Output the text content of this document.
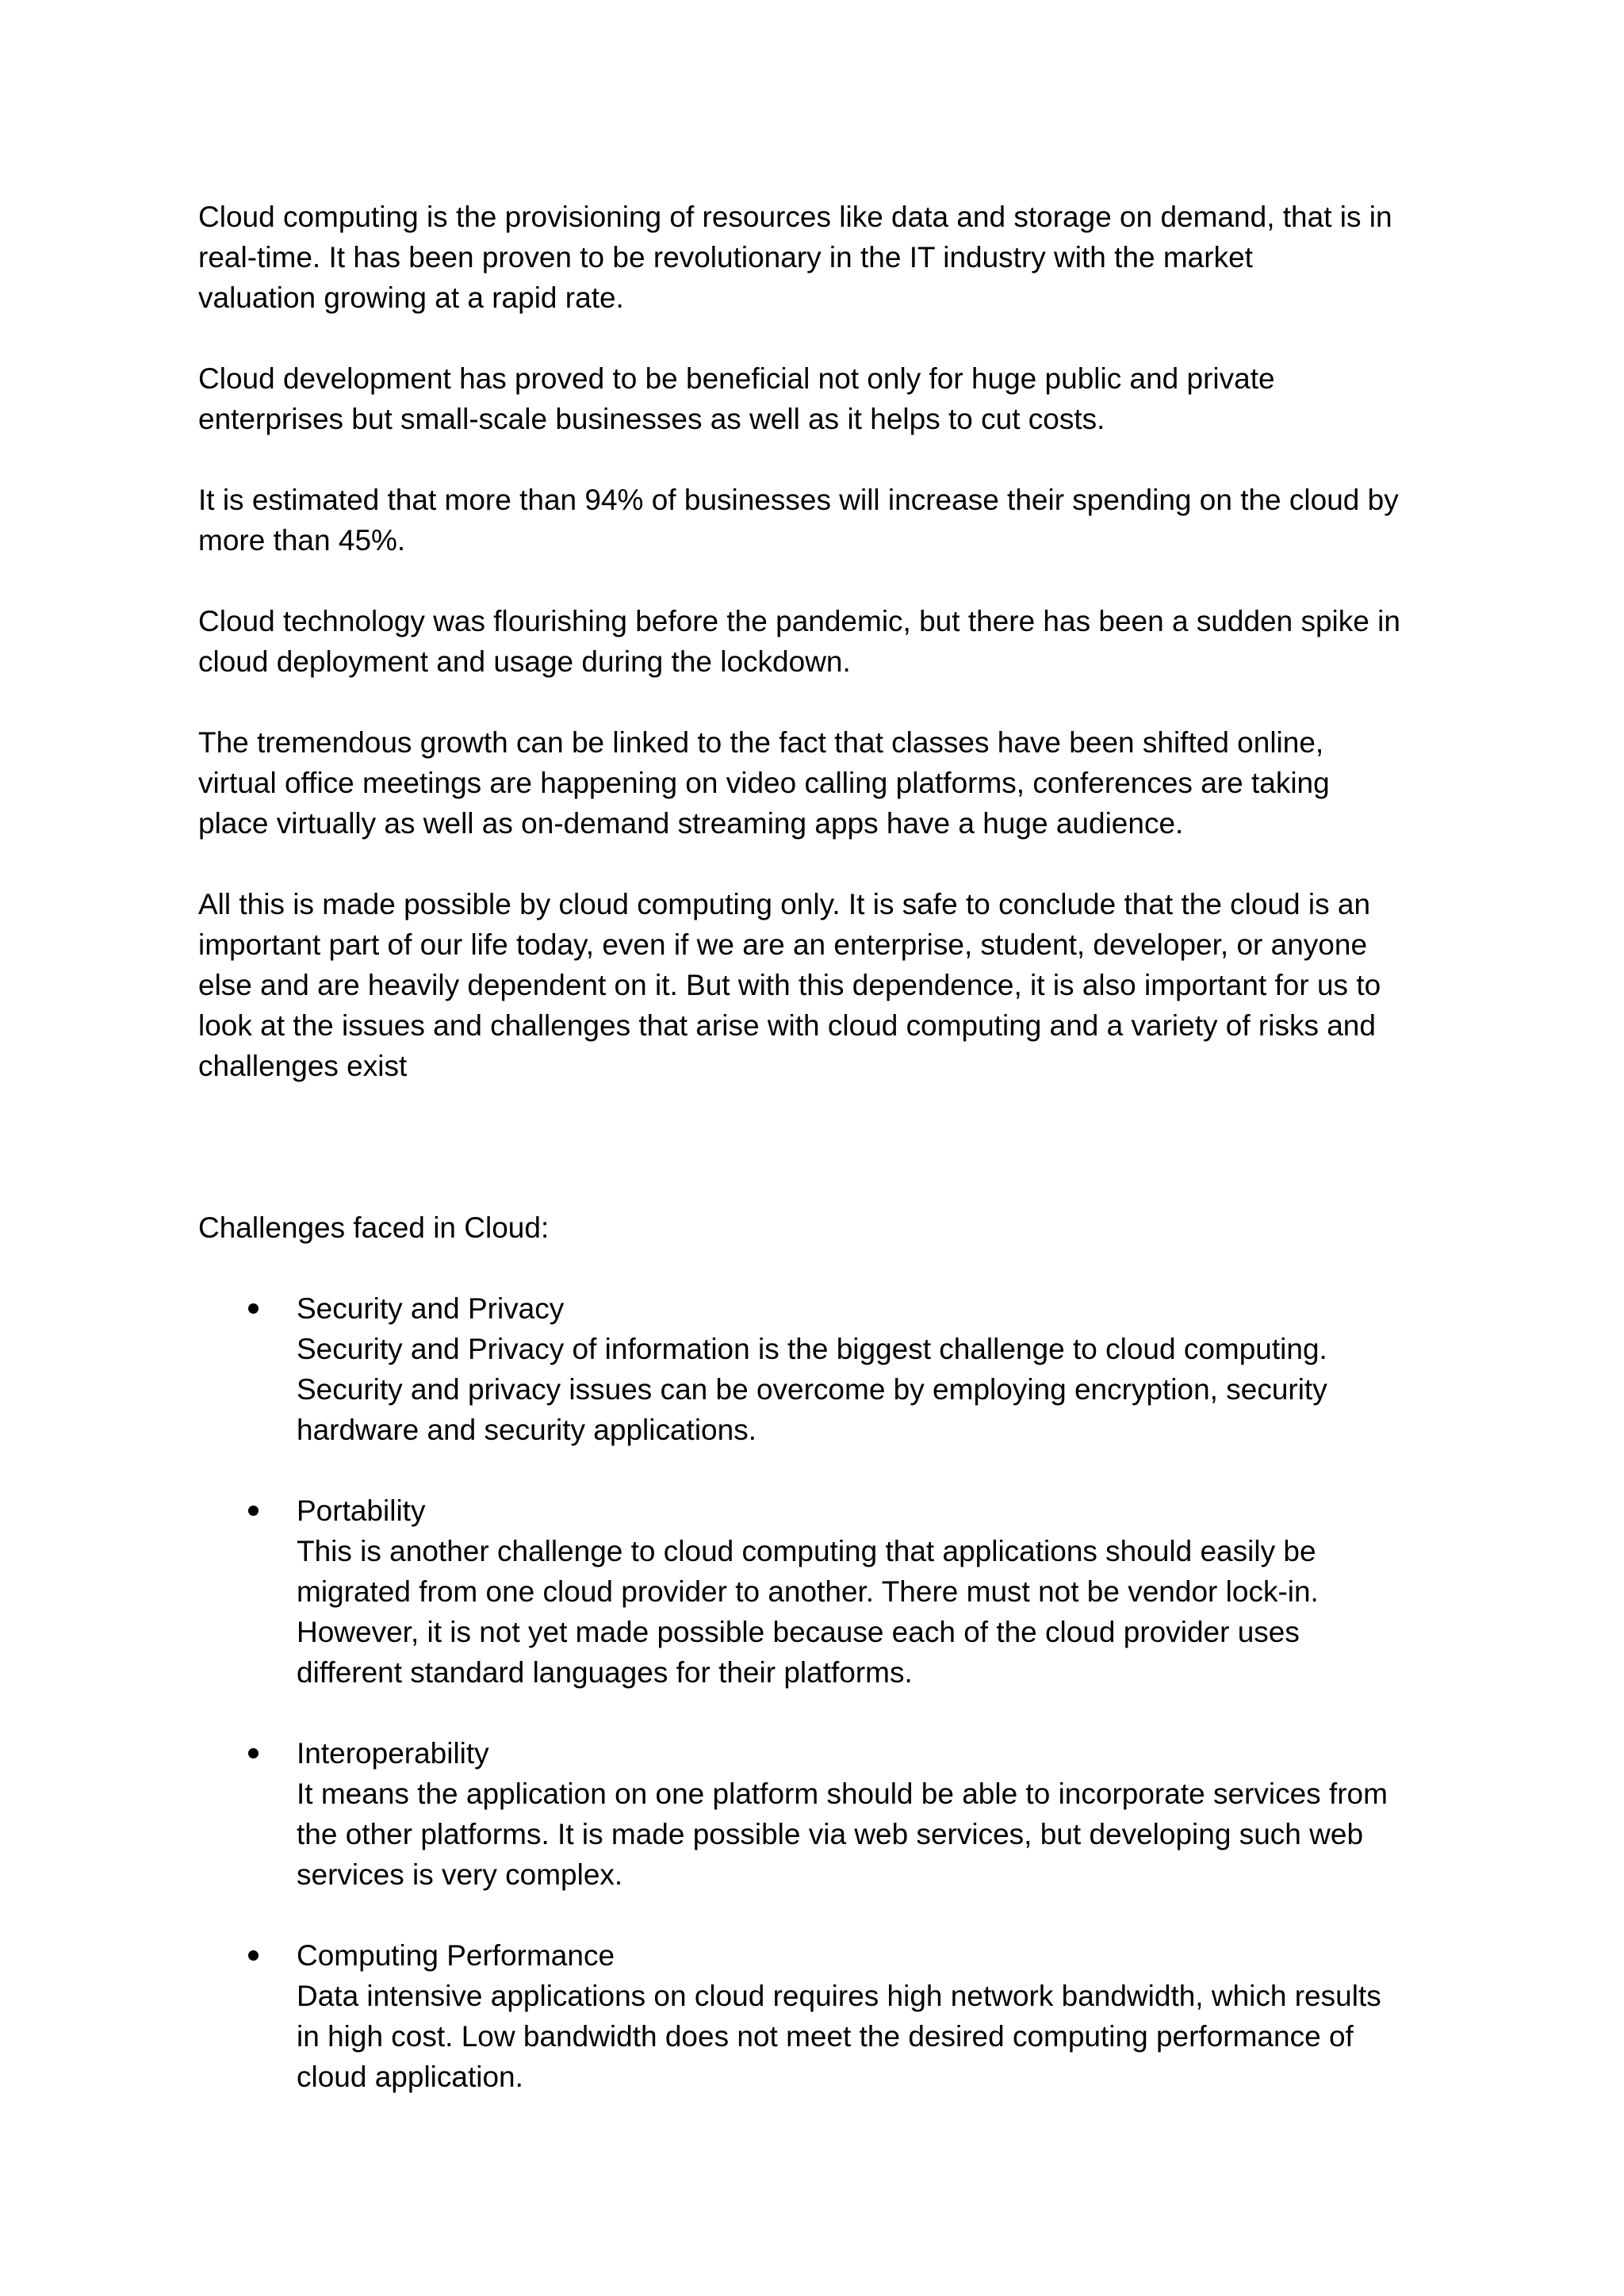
Cloud computing is the provisioning of resources like data and storage on demand, that is in
real-time. It has been proven to be revolutionary in the IT industry with the market
valuation growing at a rapid rate.
Cloud development has proved to be beneficial not only for huge public and private
enterprises but small-scale businesses as well as it helps to cut costs.
It is estimated that more than 94% of businesses will increase their spending on the cloud by
more than 45%.
Cloud technology was flourishing before the pandemic, but there has been a sudden spike in
cloud deployment and usage during the lockdown.
The tremendous growth can be linked to the fact that classes have been shifted online,
virtual office meetings are happening on video calling platforms, conferences are taking
place virtually as well as on-demand streaming apps have a huge audience.
All this is made possible by cloud computing only. It is safe to conclude that the cloud is an
important part of our life today, even if we are an enterprise, student, developer, or anyone
else and are heavily dependent on it. But with this dependence, it is also important for us to
look at the issues and challenges that arise with cloud computing and a variety of risks and
challenges exist
Challenges faced in Cloud:
Security and Privacy
Security and Privacy of information is the biggest challenge to cloud computing.
Security and privacy issues can be overcome by employing encryption, security
hardware and security applications.
Portability
This is another challenge to cloud computing that applications should easily be
migrated from one cloud provider to another. There must not be vendor lock-in.
However, it is not yet made possible because each of the cloud provider uses
different standard languages for their platforms.
Interoperability
It means the application on one platform should be able to incorporate services from
the other platforms. It is made possible via web services, but developing such web
services is very complex.
Computing Performance
Data intensive applications on cloud requires high network bandwidth, which results
in high cost. Low bandwidth does not meet the desired computing performance of
cloud application.
